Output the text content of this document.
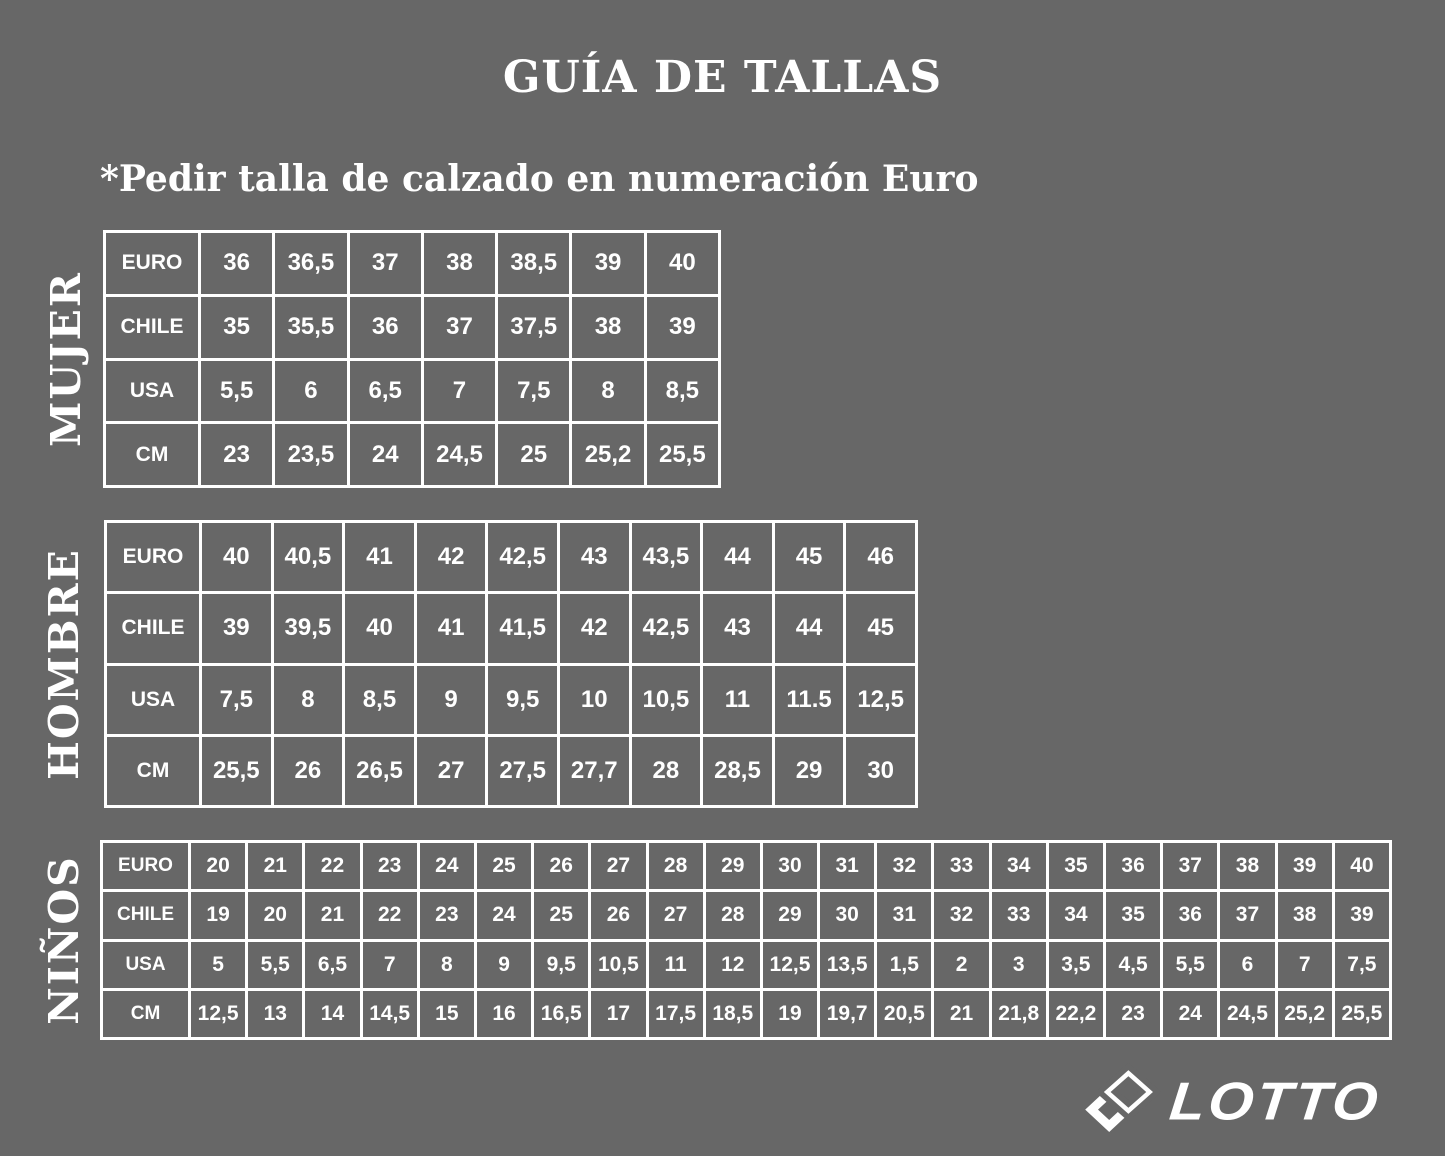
GUÍA DE TALLAS
*Pedir talla de calzado en numeración Euro
MUJER
EURO	36	36,5	37	38	38,5	39	40
CHILE	35	35,5	36	37	37,5	38	39
USA	5,5	6	6,5	7	7,5	8	8,5
CM	23	23,5	24	24,5	25	25,2	25,5
HOMBRE EURO	40	40,5	41	42	42,5	43	43,5	44	45	46
CHILE	39	39,5	40	41	41,5	42	42,5	43	44	45
USA	7,5	8	8,5	9	9,5	10	10,5	11	11.5	12,5
CM	25,5	26	26,5	27	27,5	27,7	28	28,5	29	30
NIÑOS EURO	20	21	22	23	24	25	26	27	28	29	30	31	32	33	34	35	36	37	38	39	40
CHILE	19	20	21	22	23	24	25	26	27	28	29	30	31	32	33	34	35	36	37	38	39
USA	5	5,5	6,5	7	8	9	9,5	10,5	11	12	12,5	13,5	1,5	2	3	3,5	4,5	5,5	6	7	7,5
CM	12,5	13	14	14,5	15	16	16,5	17	17,5	18,5	19	19,7	20,5	21	21,8	22,2	23	24	24,5	25,2	25,5
LOTTO
